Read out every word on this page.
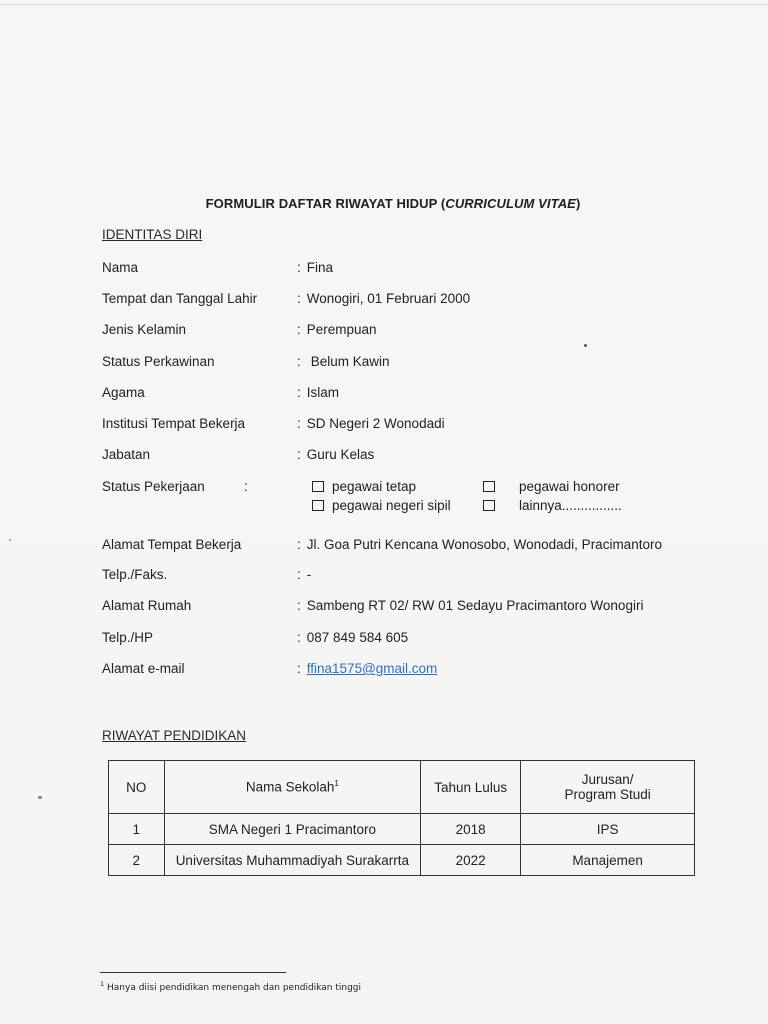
FORMULIR DAFTAR RIWAYAT HIDUP (CURRICULUM VITAE)
IDENTITAS DIRI
Nama	: Fina
Tempat dan Tanggal Lahir	: Wonogiri, 01 Februari 2000
Jenis Kelamin	: Perempuan
Status Perkawinan	: Belum Kawin
Agama	: Islam
Institusi Tempat Bekerja	: SD Negeri 2 Wonodadi
Jabatan	: Guru Kelas
Status Pekerjaan	:	pegawai tetap	pegawai honorer
pegawai negeri sipil	lainnya................
Alamat Tempat Bekerja	: Jl. Goa Putri Kencana Wonosobo, Wonodadi, Pracimantoro
Telp./Faks.	: -
Alamat Rumah	: Sambeng RT 02/ RW 01 Sedayu Pracimantoro Wonogiri
Telp./HP	: 087 849 584 605
Alamat e-mail	: ffina1575@gmail.com
RIWAYAT PENDIDIKAN
NO	Nama Sekolah$^1$	Tahun Lulus	Jurusan/
Program Studi
1	SMA Negeri 1 Pracimantoro	2018	IPS
2	Universitas Muhammadiyah Surakarrta	2022	Manajemen
$^1$ Hanya diisi pendidikan menengah dan pendidikan tinggi
